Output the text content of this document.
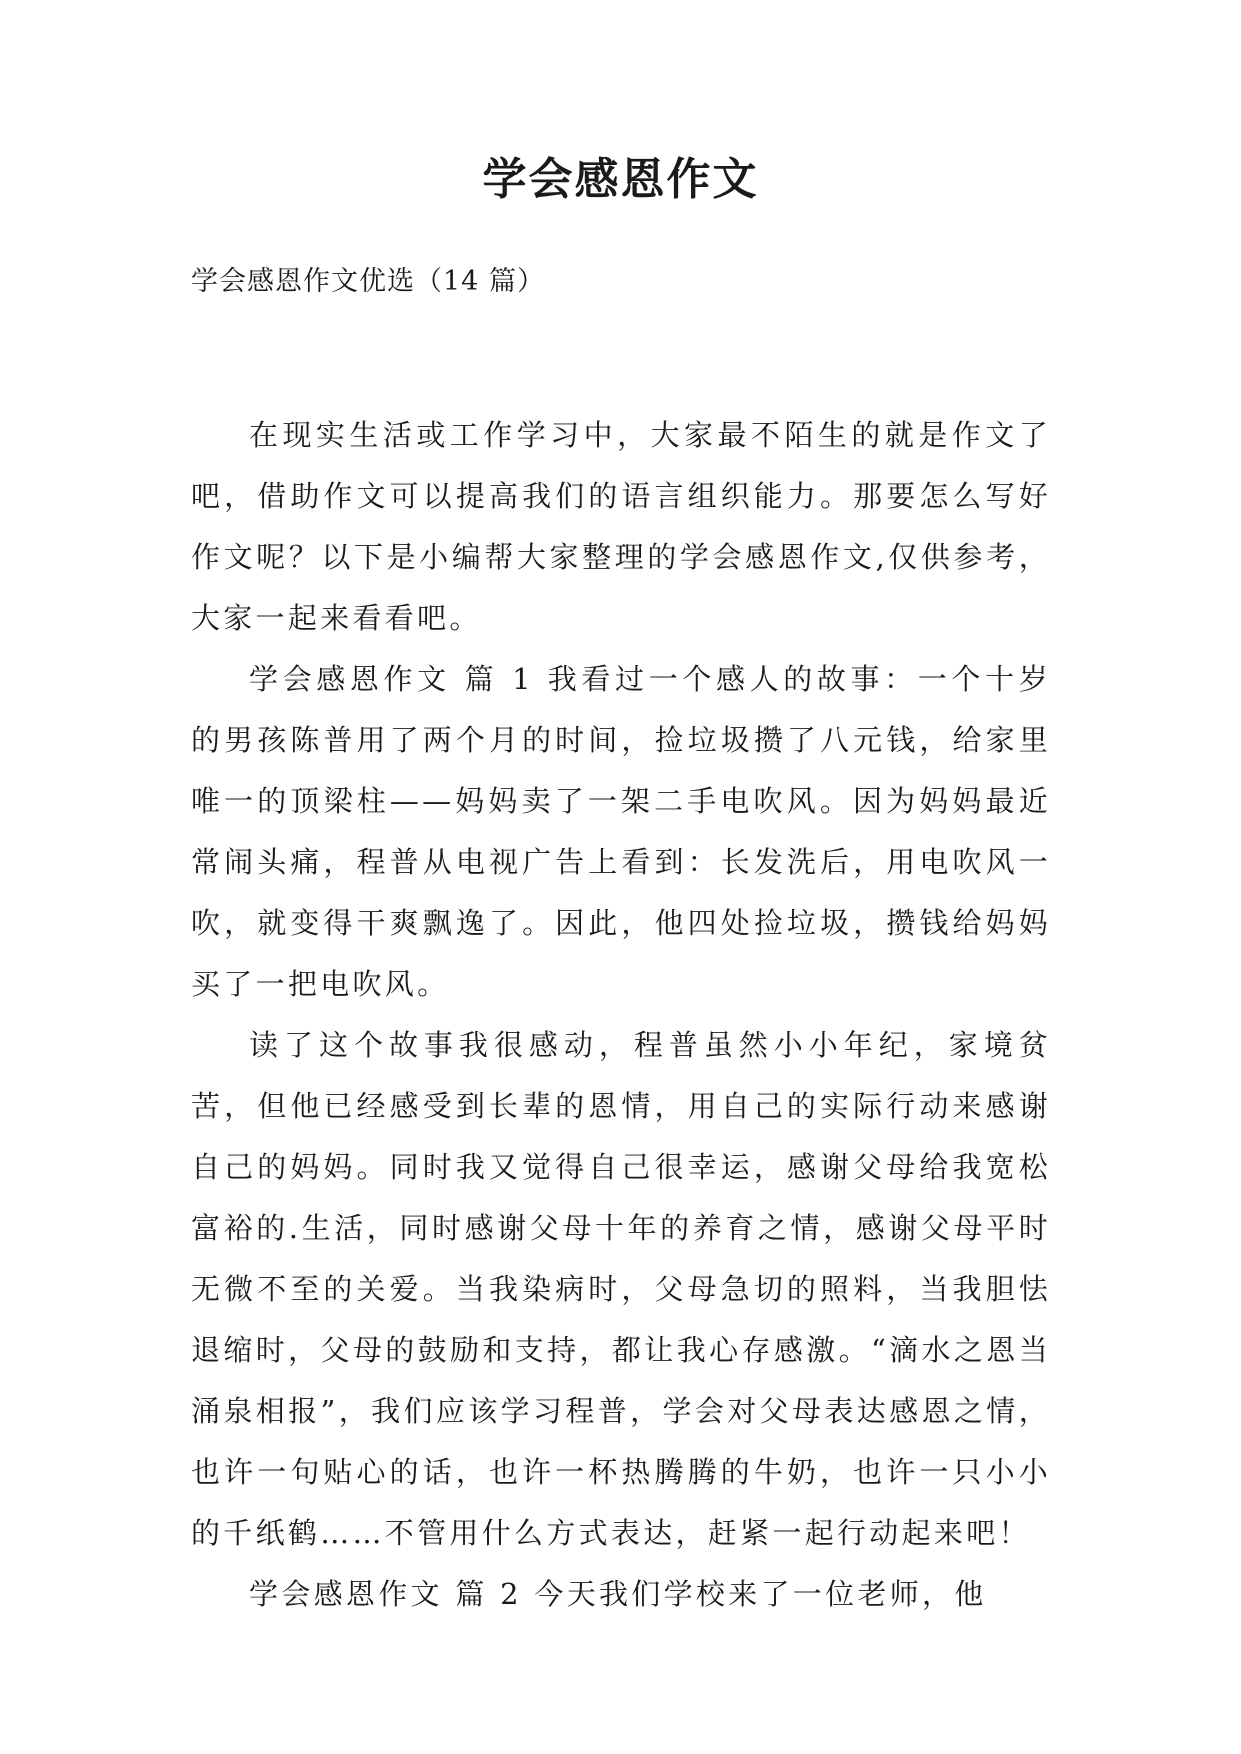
学会感恩作文
学会感恩作文优选（14 篇）

在现实生活或工作学习中，大家最不陌生的就是作文了吧，借助作文可以提高我们的语言组织能力。那要怎么写好作文呢？以下是小编帮大家整理的学会感恩作文,仅供参考，大家一起来看看吧。

学会感恩作文 篇 1 我看过一个感人的故事：一个十岁的男孩陈普用了两个月的时间，捡垃圾攒了八元钱，给家里唯一的顶梁柱——妈妈卖了一架二手电吹风。因为妈妈最近常闹头痛，程普从电视广告上看到：长发洗后，用电吹风一吹，就变得干爽飘逸了。因此，他四处捡垃圾，攒钱给妈妈买了一把电吹风。

读了这个故事我很感动，程普虽然小小年纪，家境贫苦，但他已经感受到长辈的恩情，用自己的实际行动来感谢自己的妈妈。同时我又觉得自己很幸运，感谢父母给我宽松富裕的.生活，同时感谢父母十年的养育之情，感谢父母平时无微不至的关爱。当我染病时，父母急切的照料，当我胆怯退缩时，父母的鼓励和支持，都让我心存感激。“滴水之恩当涌泉相报”，我们应该学习程普，学会对父母表达感恩之情，也许一句贴心的话，也许一杯热腾腾的牛奶，也许一只小小的千纸鹤……不管用什么方式表达，赶紧一起行动起来吧！

学会感恩作文 篇 2 今天我们学校来了一位老师，他
